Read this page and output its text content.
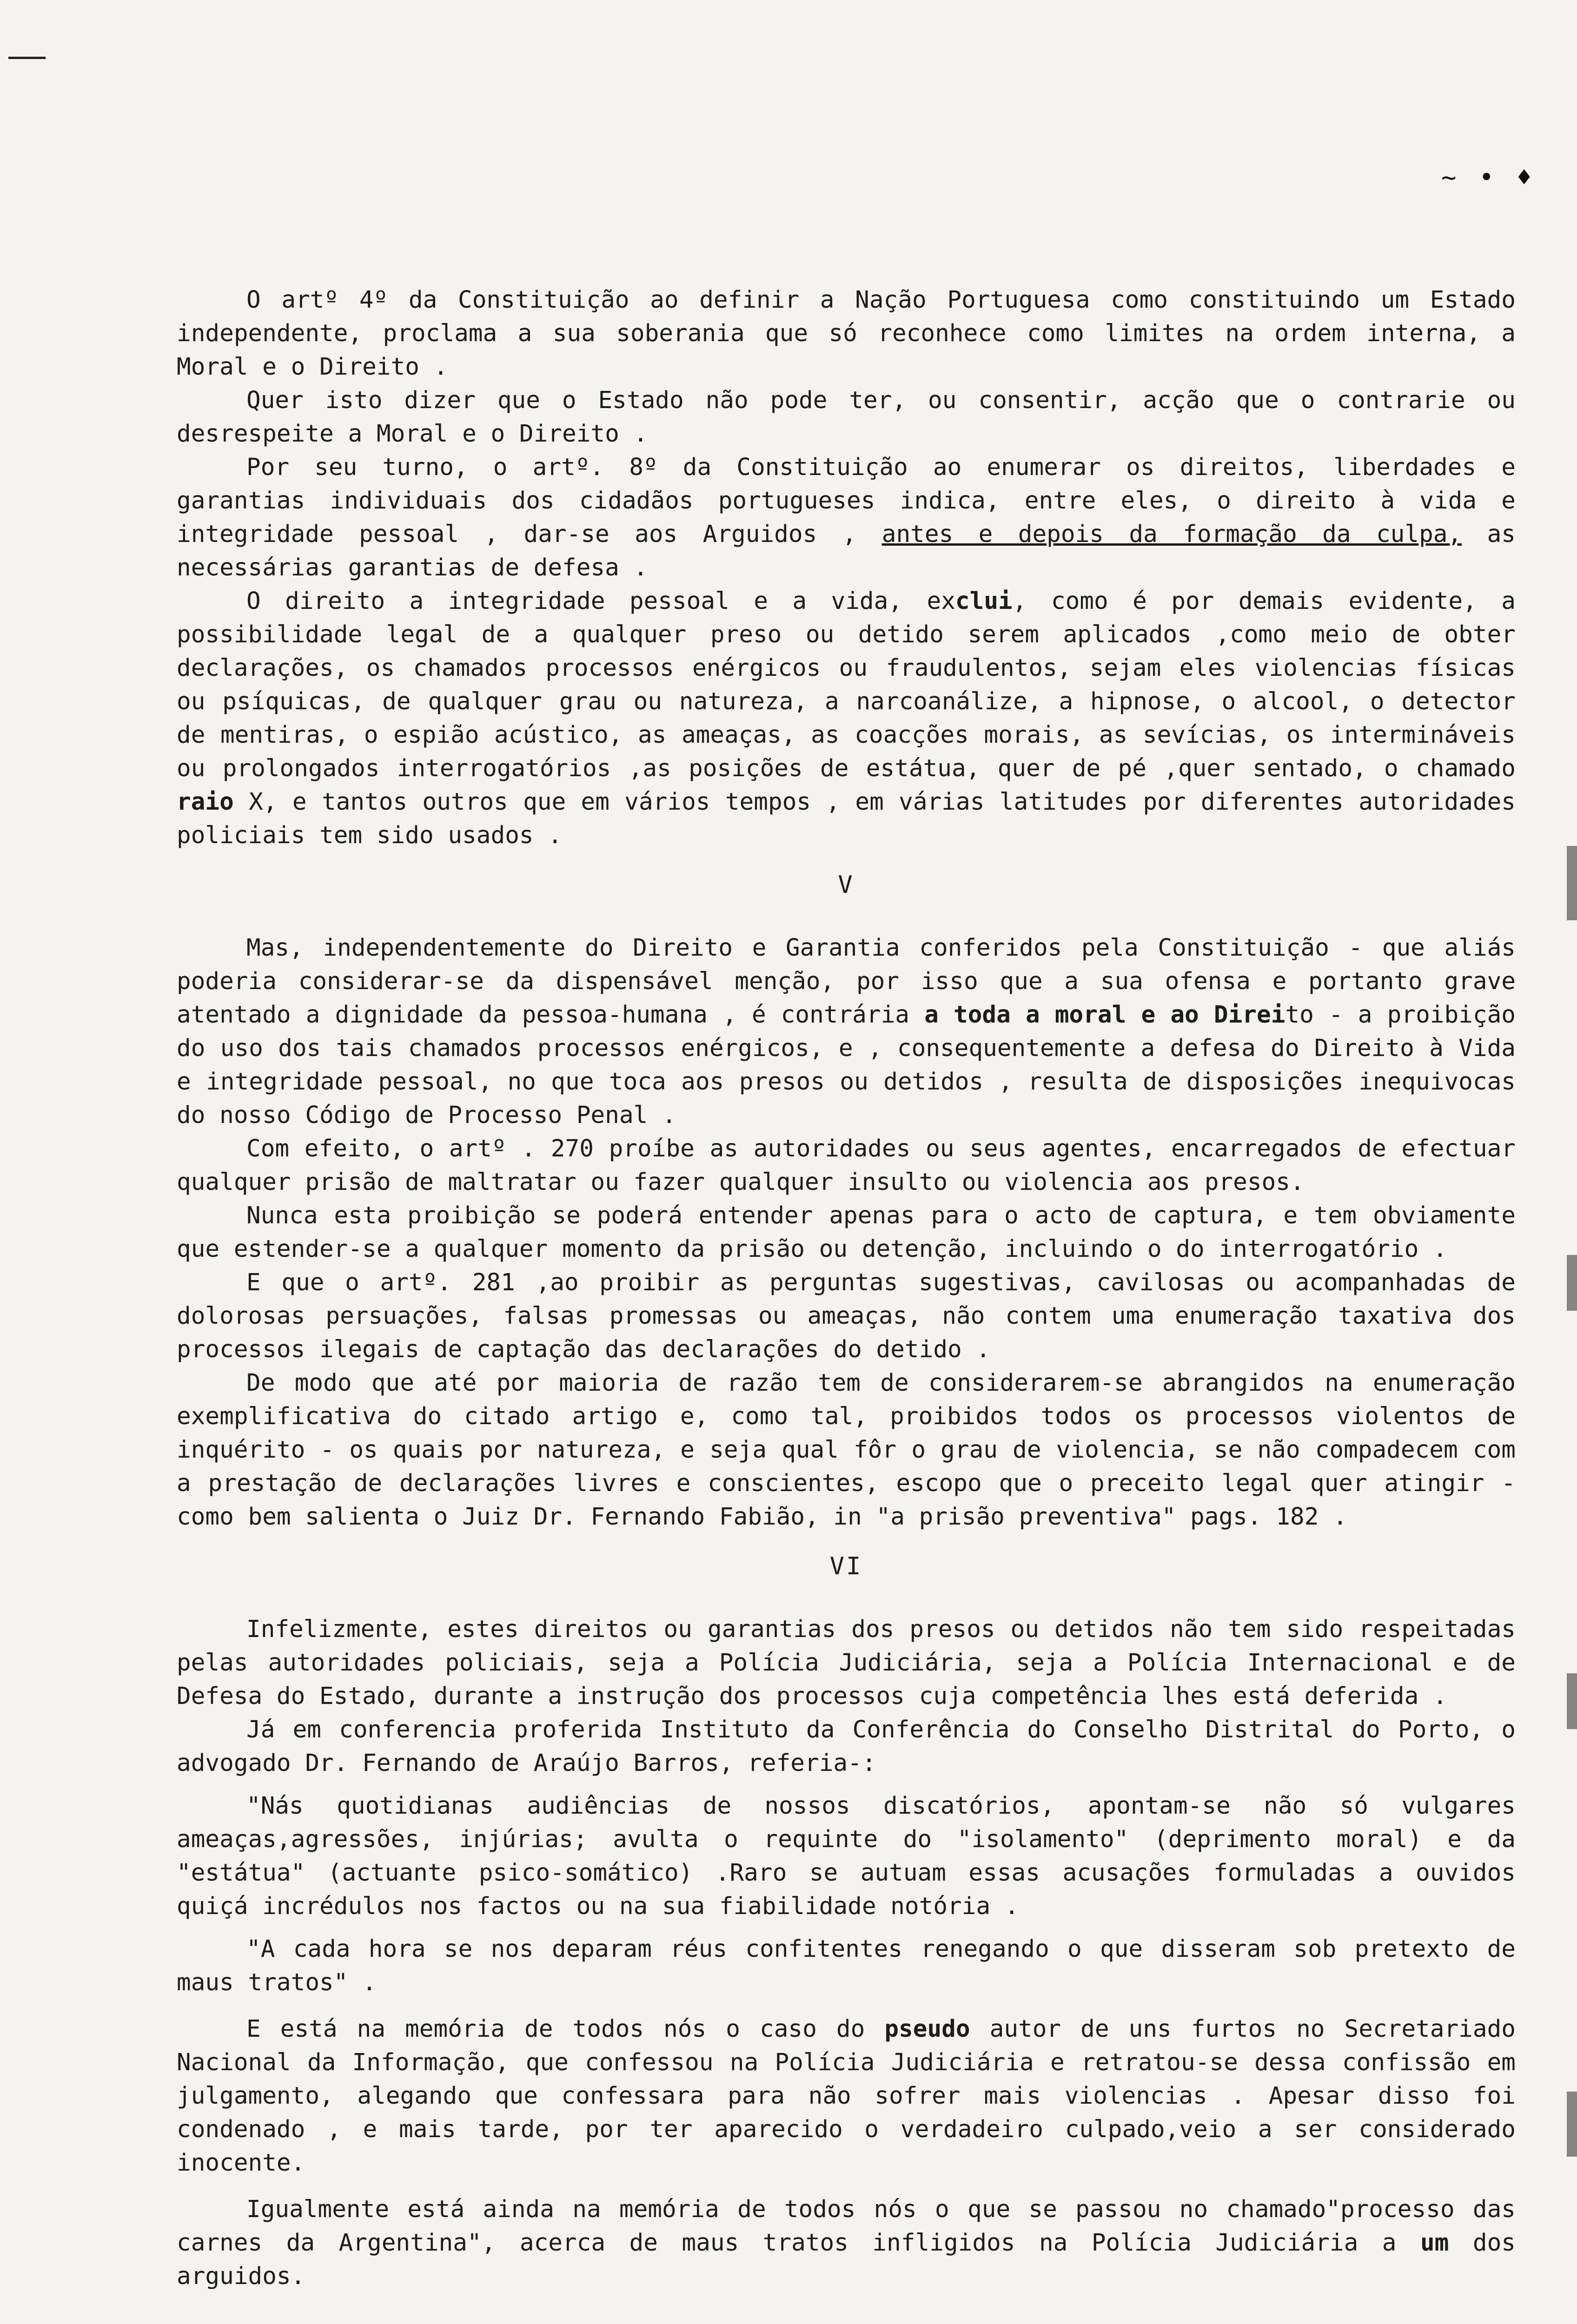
~ • ♦

O artº 4º da Constituição ao definir a Nação Portuguesa como constituindo um Estado independente, proclama a sua soberania que só reconhece como limites na ordem interna, a Moral e o Direito .

Quer isto dizer que o Estado não pode ter, ou consentir, acção que o contrarie ou desrespeite a Moral e o Direito .

Por seu turno, o artº. 8º da Constituição ao enumerar os direitos, liberdades e garantias individuais dos cidadãos portugueses indica, entre eles, o direito à vida e integridade pessoal , dar-se aos Arguidos , antes e depois da formação da culpa, as necessárias garantias de defesa .

O direito a integridade pessoal e a vida, exclui, como é por demais evidente, a possibilidade legal de a qualquer preso ou detido serem aplicados ,como meio de obter declarações, os chamados processos enérgicos ou fraudulentos, sejam eles violencias físicas ou psíquicas, de qualquer grau ou natureza, a narcoanálize, a hipnose, o alcool, o detector de mentiras, o espião acústico, as ameaças, as coacções morais, as sevícias, os intermináveis ou prolongados interrogatórios ,as posições de estátua, quer de pé ,quer sentado, o chamado raio X, e tantos outros que em vários tempos , em várias latitudes por diferentes autoridades policiais tem sido usados .

V

Mas, independentemente do Direito e Garantia conferidos pela Constituição - que aliás poderia considerar-se da dispensável menção, por isso que a sua ofensa e portanto grave atentado a dignidade da pessoa-humana , é contrária a toda a moral e ao Direito - a proibição do uso dos tais chamados processos enérgicos, e , consequentemente a defesa do Direito à Vida e integridade pessoal, no que toca aos presos ou detidos , resulta de disposições inequivocas do nosso Código de Processo Penal .

Com efeito, o artº . 270 proíbe as autoridades ou seus agentes, encarregados de efectuar qualquer prisão de maltratar ou fazer qualquer insulto ou violencia aos presos.

Nunca esta proibição se poderá entender apenas para o acto de captura, e tem obviamente que estender-se a qualquer momento da prisão ou detenção, incluindo o do interrogatório .

E que o artº. 281 ,ao proibir as perguntas sugestivas, cavilosas ou acompanhadas de dolorosas persuações, falsas promessas ou ameaças, não contem uma enumeração taxativa dos processos ilegais de captação das declarações do detido .

De modo que até por maioria de razão tem de considerarem-se abrangidos na enumeração exemplificativa do citado artigo e, como tal, proibidos todos os processos violentos de inquérito - os quais por natureza, e seja qual fôr o grau de violencia, se não compadecem com a prestação de declarações livres e conscientes, escopo que o preceito legal quer atingir - como bem salienta o Juiz Dr. Fernando Fabião, in "a prisão preventiva" pags. 182 .

VI

Infelizmente, estes direitos ou garantias dos presos ou detidos não tem sido respeitadas pelas autoridades policiais, seja a Polícia Judiciária, seja a Polícia Internacional e de Defesa do Estado, durante a instrução dos processos cuja competência lhes está deferida .

Já em conferencia proferida Instituto da Conferência do Conselho Distrital do Porto, o advogado Dr. Fernando de Araújo Barros, referia-:

"Nás quotidianas audiências de nossos discatórios, apontam-se não só vulgares ameaças,agressões, injúrias; avulta o requinte do "isolamento" (deprimento moral) e da "estátua" (actuante psico-somático) .Raro se autuam essas acusações formuladas a ouvidos quiçá incrédulos nos factos ou na sua fiabilidade notória .

"A cada hora se nos deparam réus confitentes renegando o que disseram sob pretexto de maus tratos" .

E está na memória de todos nós o caso do pseudo autor de uns furtos no Secretariado Nacional da Informação, que confessou na Polícia Judiciária e retratou-se dessa confissão em julgamento, alegando que confessara para não sofrer mais violencias . Apesar disso foi condenado , e mais tarde, por ter aparecido o verdadeiro culpado,veio a ser considerado inocente.

Igualmente está ainda na memória de todos nós o que se passou no chamado"processo das carnes da Argentina", acerca de maus tratos infligidos na Polícia Judiciária a um dos arguidos.
